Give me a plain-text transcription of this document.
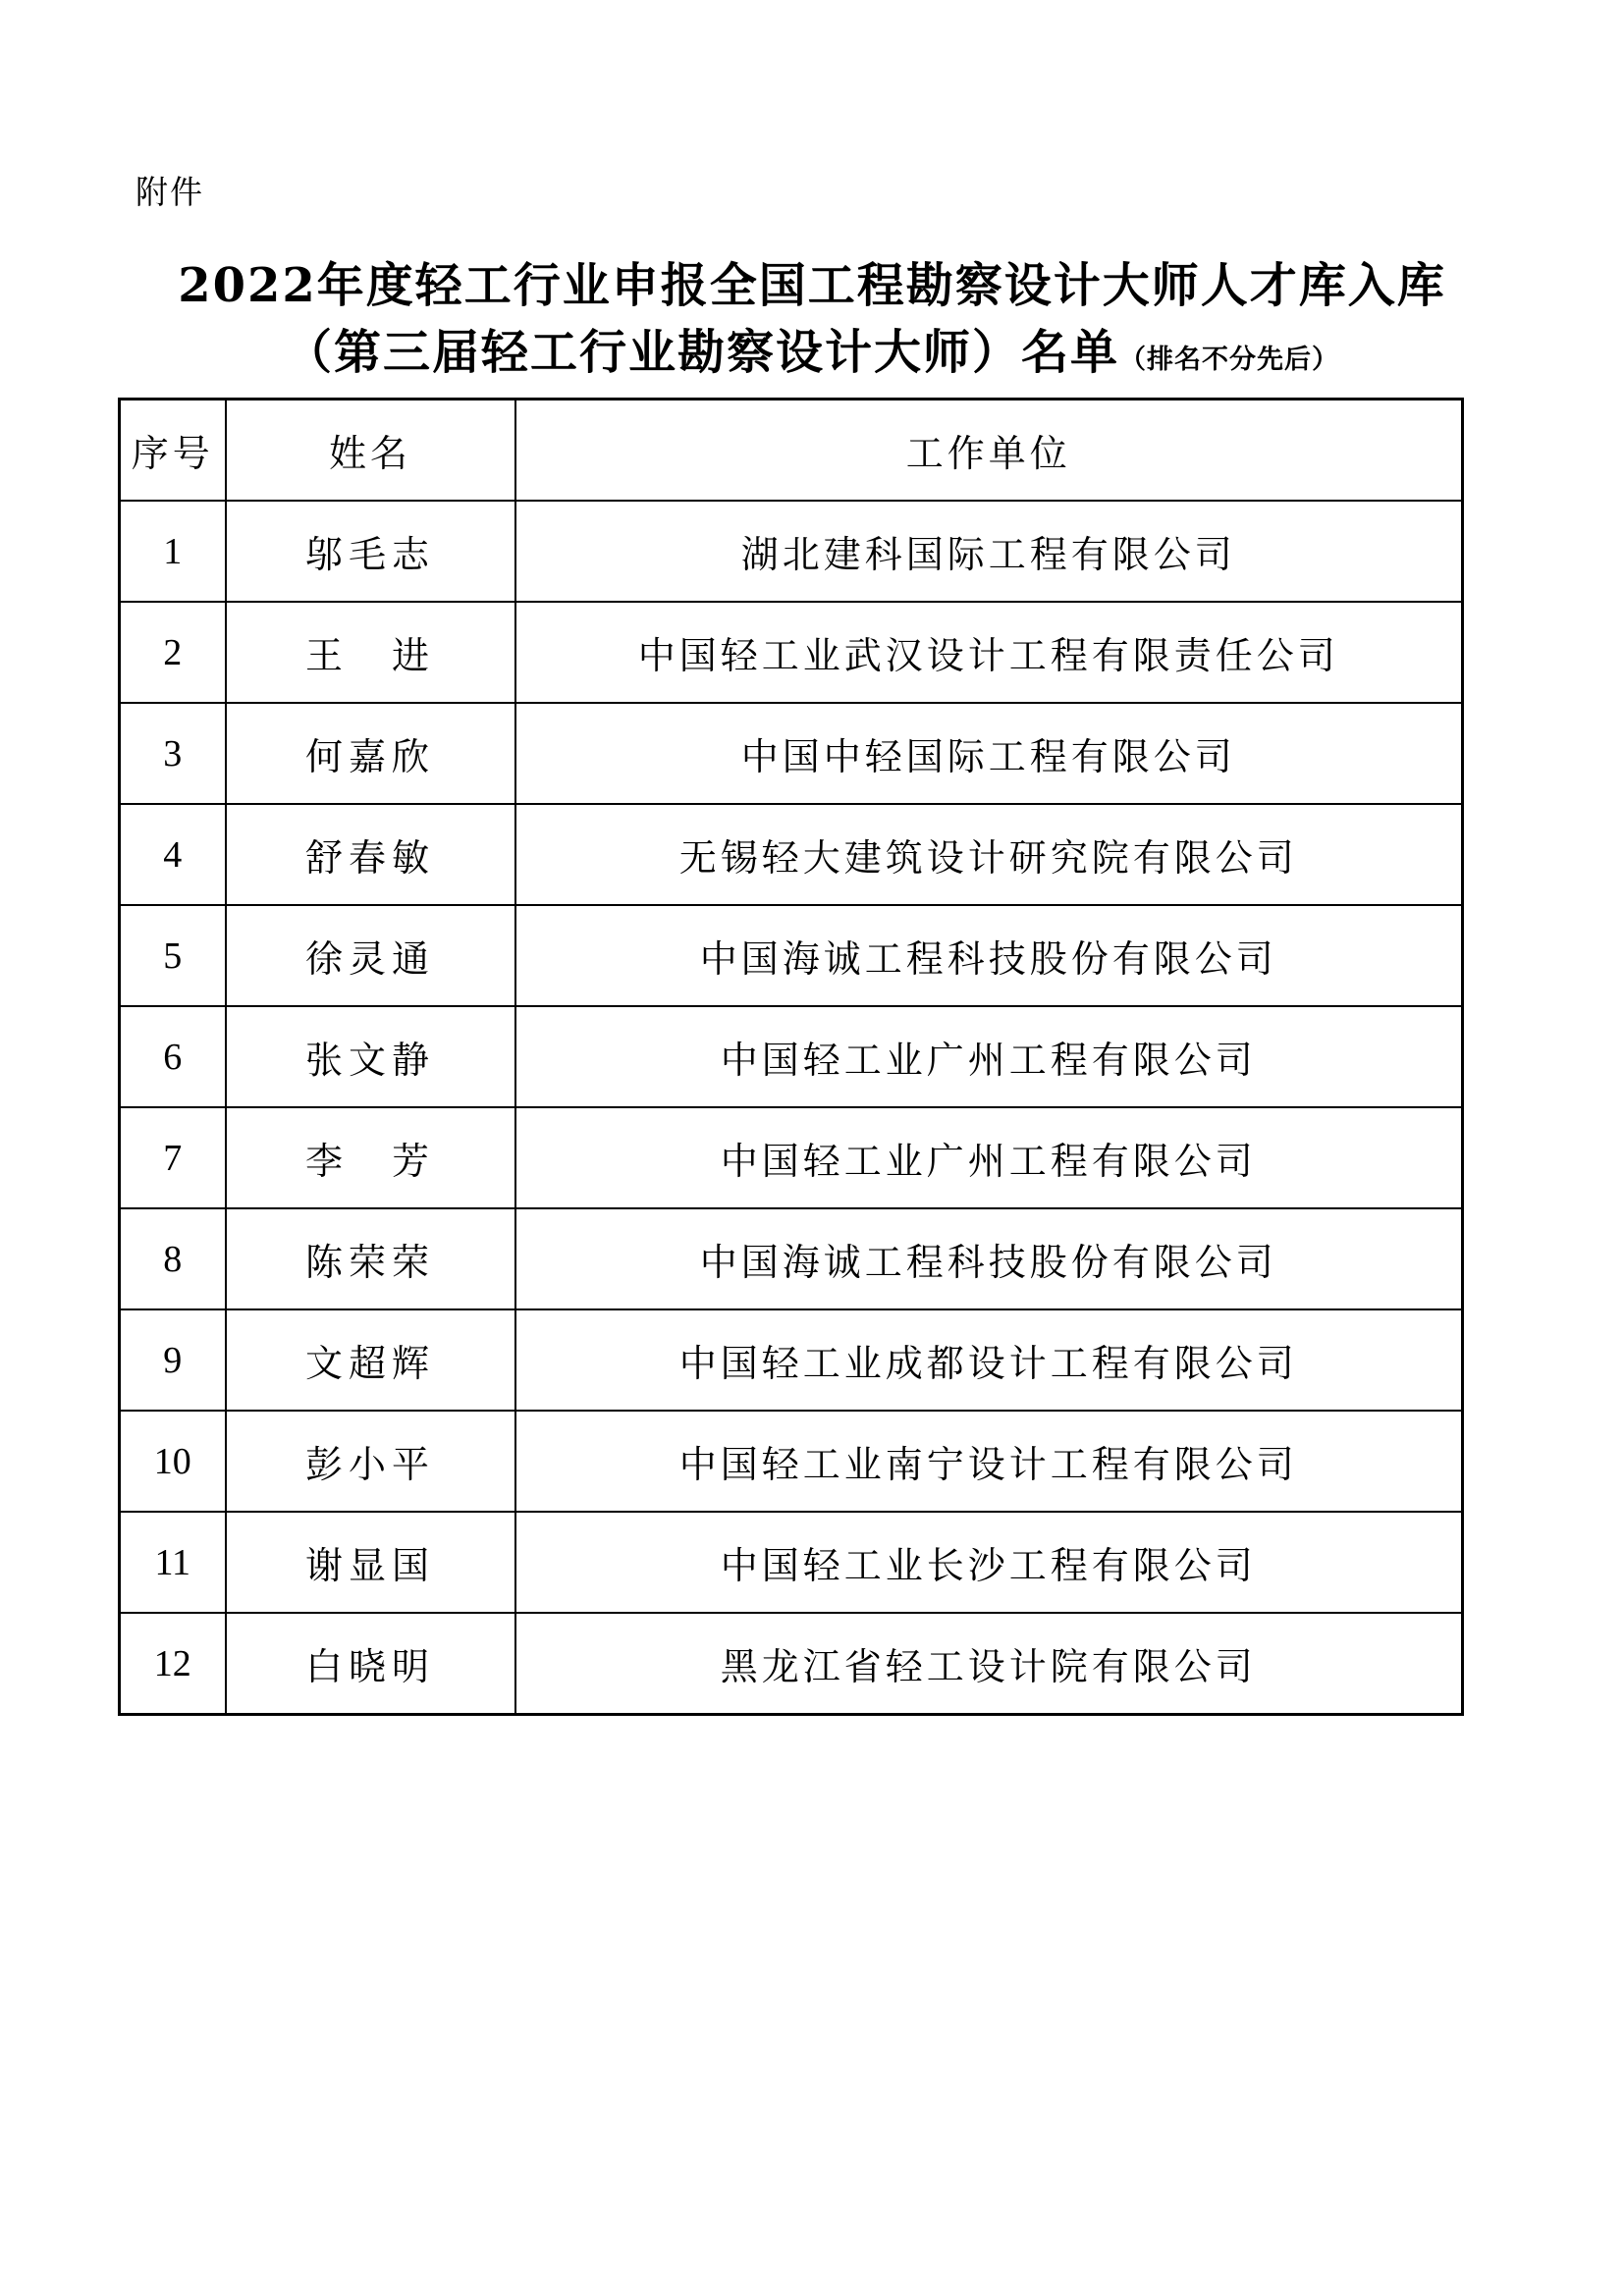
附件
2022年度轻工行业申报全国工程勘察设计大师人才库入库
（第三届轻工行业勘察设计大师）名单（排名不分先后）
序号	姓名	工作单位
1	邬毛志	湖北建科国际工程有限公司
2	王　进	中国轻工业武汉设计工程有限责任公司
3	何嘉欣	中国中轻国际工程有限公司
4	舒春敏	无锡轻大建筑设计研究院有限公司
5	徐灵通	中国海诚工程科技股份有限公司
6	张文静	中国轻工业广州工程有限公司
7	李　芳	中国轻工业广州工程有限公司
8	陈荣荣	中国海诚工程科技股份有限公司
9	文超辉	中国轻工业成都设计工程有限公司
10	彭小平	中国轻工业南宁设计工程有限公司
11	谢显国	中国轻工业长沙工程有限公司
12	白晓明	黑龙江省轻工设计院有限公司
